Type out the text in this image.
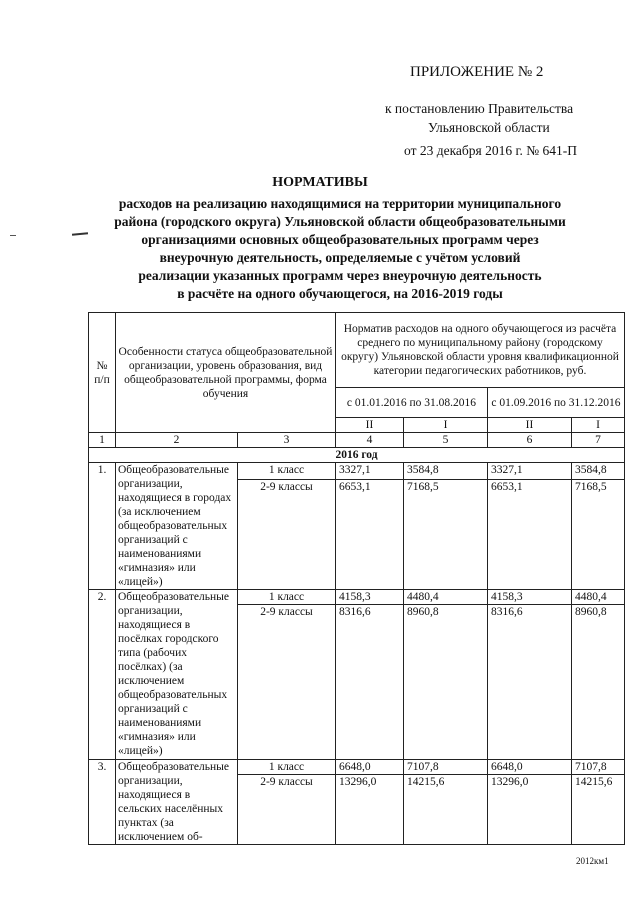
ПРИЛОЖЕНИЕ № 2
к постановлению Правительства
Ульяновской области
от 23 декабря 2016 г. № 641-П
НОРМАТИВЫ
расходов на реализацию находящимися на территории муниципального
района (городского округа) Ульяновской области общеобразовательными
организациями основных общеобразовательных программ через
внеурочную деятельность, определяемые с учётом условий
реализации указанных программ через внеурочную деятельность
в расчёте на одного обучающегося, на 2016-2019 годы
№ п/п	Особенности статуса общеобразовательной организации, уровень образования, вид общеобразовательной программы, форма обучения		Норматив расходов на одного обучающегося из расчёта среднего по муниципальному району (городскому округу) Ульяновской области уровня квалификационной категории педагогических работников, руб.			
			с 01.01.2016 по 31.08.2016		с 01.09.2016 по 31.12.2016	
			II	I	II	I
1	2	3	4	5	6	7
2016 год						
1.	Общеобразовательные организации, находящиеся в городах (за исключением общеобразовательных организаций с наименованиями «гимназия» или «лицей»)	1 класс	3327,1	3584,8	3327,1	3584,8
		2-9 классы	6653,1	7168,5	6653,1	7168,5
2.	Общеобразовательные организации, находящиеся в посёлках городского типа (рабочих посёлках) (за исключением общеобразовательных организаций с наименованиями «гимназия» или «лицей»)	1 класс	4158,3	4480,4	4158,3	4480,4
		2-9 классы	8316,6	8960,8	8316,6	8960,8
3.	Общеобразовательные организации, находящиеся в сельских населённых пунктах (за исключением об-	1 класс	6648,0	7107,8	6648,0	7107,8
		2-9 классы	13296,0	14215,6	13296,0	14215,6
2012км1
